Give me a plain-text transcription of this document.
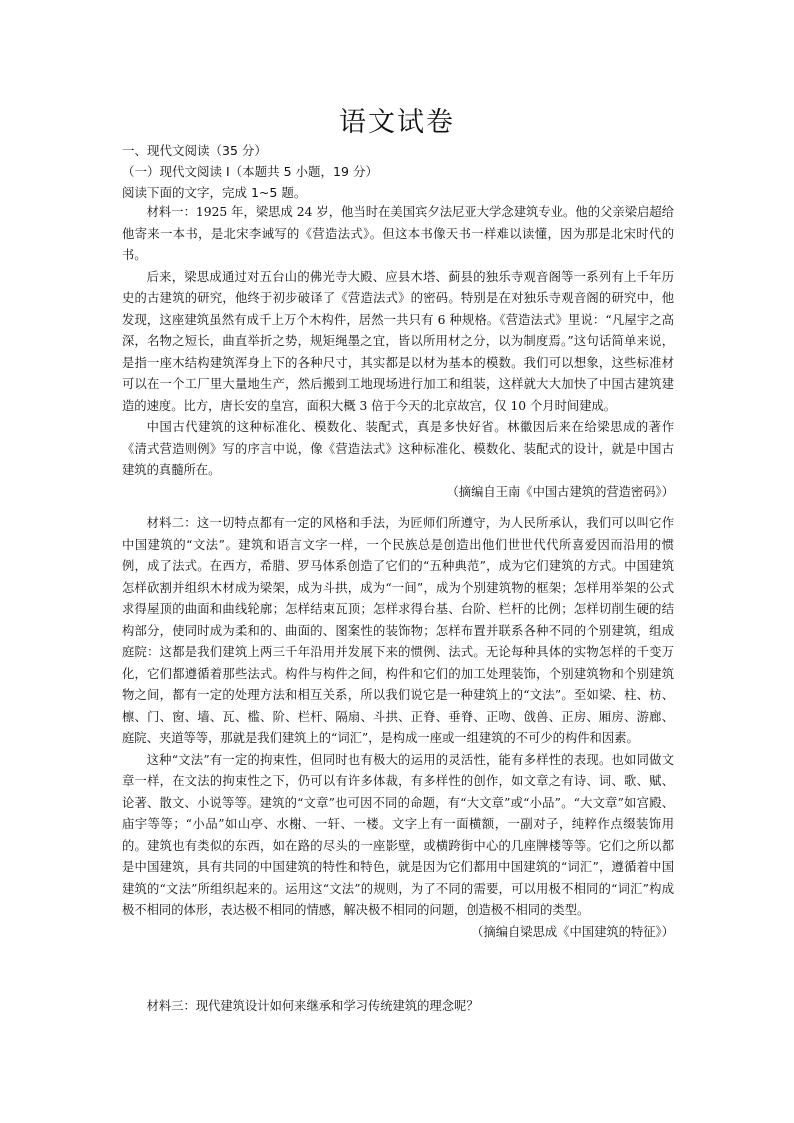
语文试卷
一、现代文阅读（35 分）
（一）现代文阅读 I（本题共 5 小题，19 分）
阅读下面的文字，完成 1~5 题。

材料一：1925 年，梁思成 24 岁，他当时在美国宾夕法尼亚大学念建筑专业。他的父亲梁启超给他寄来一本书，是北宋李诫写的《营造法式》。但这本书像天书一样难以读懂，因为那是北宋时代的书。

后来，梁思成通过对五台山的佛光寺大殿、应县木塔、蓟县的独乐寺观音阁等一系列有上千年历史的古建筑的研究，他终于初步破译了《营造法式》的密码。特别是在对独乐寺观音阁的研究中，他发现，这座建筑虽然有成千上万个木构件，居然一共只有 6 种规格。《营造法式》里说：“凡屋宇之高深，名物之短长，曲直举折之势，规矩绳墨之宜，皆以所用材之分，以为制度焉。”这句话简单来说，是指一座木结构建筑浑身上下的各种尺寸，其实都是以材为基本的模数。我们可以想象，这些标准材可以在一个工厂里大量地生产，然后搬到工地现场进行加工和组装，这样就大大加快了中国古建筑建造的速度。比方，唐长安的皇宫，面积大概 3 倍于今天的北京故宫，仅 10 个月时间建成。

中国古代建筑的这种标准化、模数化、装配式，真是多快好省。林徽因后来在给梁思成的著作《清式营造则例》写的序言中说，像《营造法式》这种标准化、模数化、装配式的设计，就是中国古建筑的真髓所在。

（摘编自王南《中国古建筑的营造密码》）

材料二：这一切特点都有一定的风格和手法，为匠师们所遵守，为人民所承认，我们可以叫它作中国建筑的“文法”。建筑和语言文字一样，一个民族总是创造出他们世世代代所喜爱因而沿用的惯例，成了法式。在西方，希腊、罗马体系创造了它们的“五种典范”，成为它们建筑的方式。中国建筑怎样砍割并组织木材成为梁架，成为斗拱，成为“一间”，成为个别建筑物的框架；怎样用举架的公式求得屋顶的曲面和曲线轮廓；怎样结束瓦顶；怎样求得台基、台阶、栏杆的比例；怎样切削生硬的结构部分，使同时成为柔和的、曲面的、图案性的装饰物；怎样布置并联系各种不同的个别建筑，组成庭院：这都是我们建筑上两三千年沿用并发展下来的惯例、法式。无论每种具体的实物怎样的千变万化，它们都遵循着那些法式。构件与构件之间，构件和它们的加工处理装饰，个别建筑物和个别建筑物之间，都有一定的处理方法和相互关系，所以我们说它是一种建筑上的“文法”。至如梁、柱、枋、檩、门、窗、墙、瓦、槛、阶、栏杆、隔扇、斗拱、正脊、垂脊、正吻、戗兽、正房、厢房、游廊、庭院、夹道等等，那就是我们建筑上的“词汇”，是构成一座或一组建筑的不可少的构件和因素。

这种“文法”有一定的拘束性，但同时也有极大的运用的灵活性，能有多样性的表现。也如同做文章一样，在文法的拘束性之下，仍可以有许多体裁，有多样性的创作，如文章之有诗、词、歌、赋、论著、散文、小说等等。建筑的“文章”也可因不同的命题，有“大文章”或“小品”。“大文章”如宫殿、庙宇等等；“小品”如山亭、水榭、一轩、一楼。文字上有一面横额，一副对子，纯粹作点缀装饰用的。建筑也有类似的东西，如在路的尽头的一座影壁，或横跨街中心的几座牌楼等等。它们之所以都是中国建筑，具有共同的中国建筑的特性和特色，就是因为它们都用中国建筑的“词汇”，遵循着中国建筑的“文法”所组织起来的。运用这“文法”的规则，为了不同的需要，可以用极不相同的“词汇”构成极不相同的体形，表达极不相同的情感，解决极不相同的问题，创造极不相同的类型。

（摘编自梁思成《中国建筑的特征》）

材料三：现代建筑设计如何来继承和学习传统建筑的理念呢？
